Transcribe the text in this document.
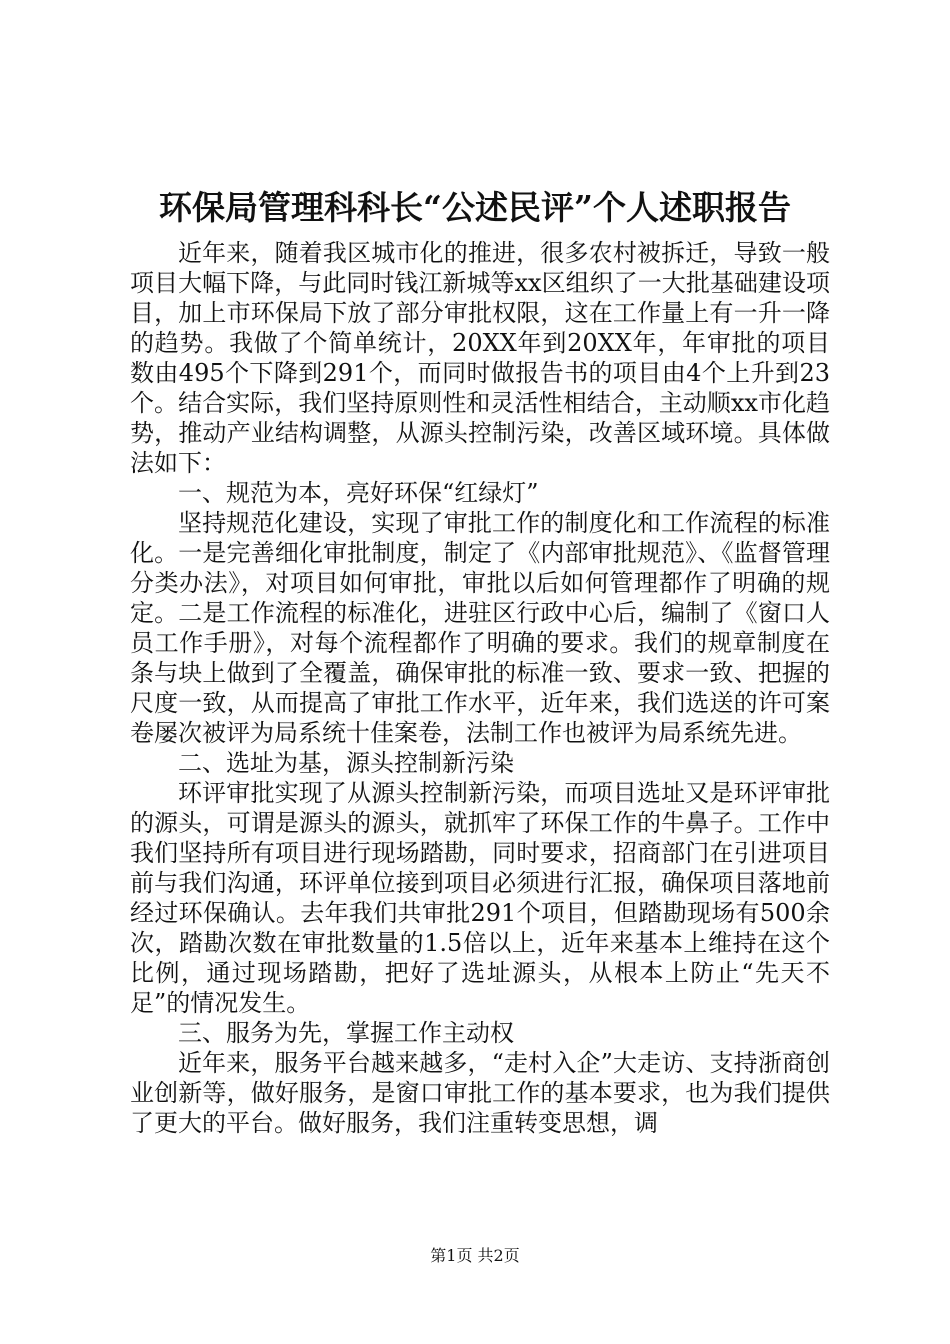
环保局管理科科长“公述民评”个人述职报告

近年来，随着我区城市化的推进，很多农村被拆迁，导致一般项目大幅下降，与此同时钱江新城等xx区组织了一大批基础建设项目，加上市环保局下放了部分审批权限，这在工作量上有一升一降的趋势。我做了个简单统计，20XX年到20XX年，年审批的项目数由495个下降到291个，而同时做报告书的项目由4个上升到23个。结合实际，我们坚持原则性和灵活性相结合，主动顺xx市化趋势，推动产业结构调整，从源头控制污染，改善区域环境。具体做法如下：

一、规范为本，亮好环保“红绿灯”

坚持规范化建设，实现了审批工作的制度化和工作流程的标准化。一是完善细化审批制度，制定了《内部审批规范》、《监督管理分类办法》，对项目如何审批，审批以后如何管理都作了明确的规定。二是工作流程的标准化，进驻区行政中心后，编制了《窗口人员工作手册》，对每个流程都作了明确的要求。我们的规章制度在条与块上做到了全覆盖，确保审批的标准一致、要求一致、把握的尺度一致，从而提高了审批工作水平，近年来，我们选送的许可案卷屡次被评为局系统十佳案卷，法制工作也被评为局系统先进。

二、选址为基，源头控制新污染

环评审批实现了从源头控制新污染，而项目选址又是环评审批的源头，可谓是源头的源头，就抓牢了环保工作的牛鼻子。工作中我们坚持所有项目进行现场踏勘，同时要求，招商部门在引进项目前与我们沟通，环评单位接到项目必须进行汇报，确保项目落地前经过环保确认。去年我们共审批291个项目，但踏勘现场有500余次，踏勘次数在审批数量的1.5倍以上，近年来基本上维持在这个比例，通过现场踏勘，把好了选址源头，从根本上防止“先天不足”的情况发生。

三、服务为先，掌握工作主动权

近年来，服务平台越来越多，“走村入企”大走访、支持浙商创业创新等，做好服务，是窗口审批工作的基本要求，也为我们提供了更大的平台。做好服务，我们注重转变思想，调

第1页 共2页
